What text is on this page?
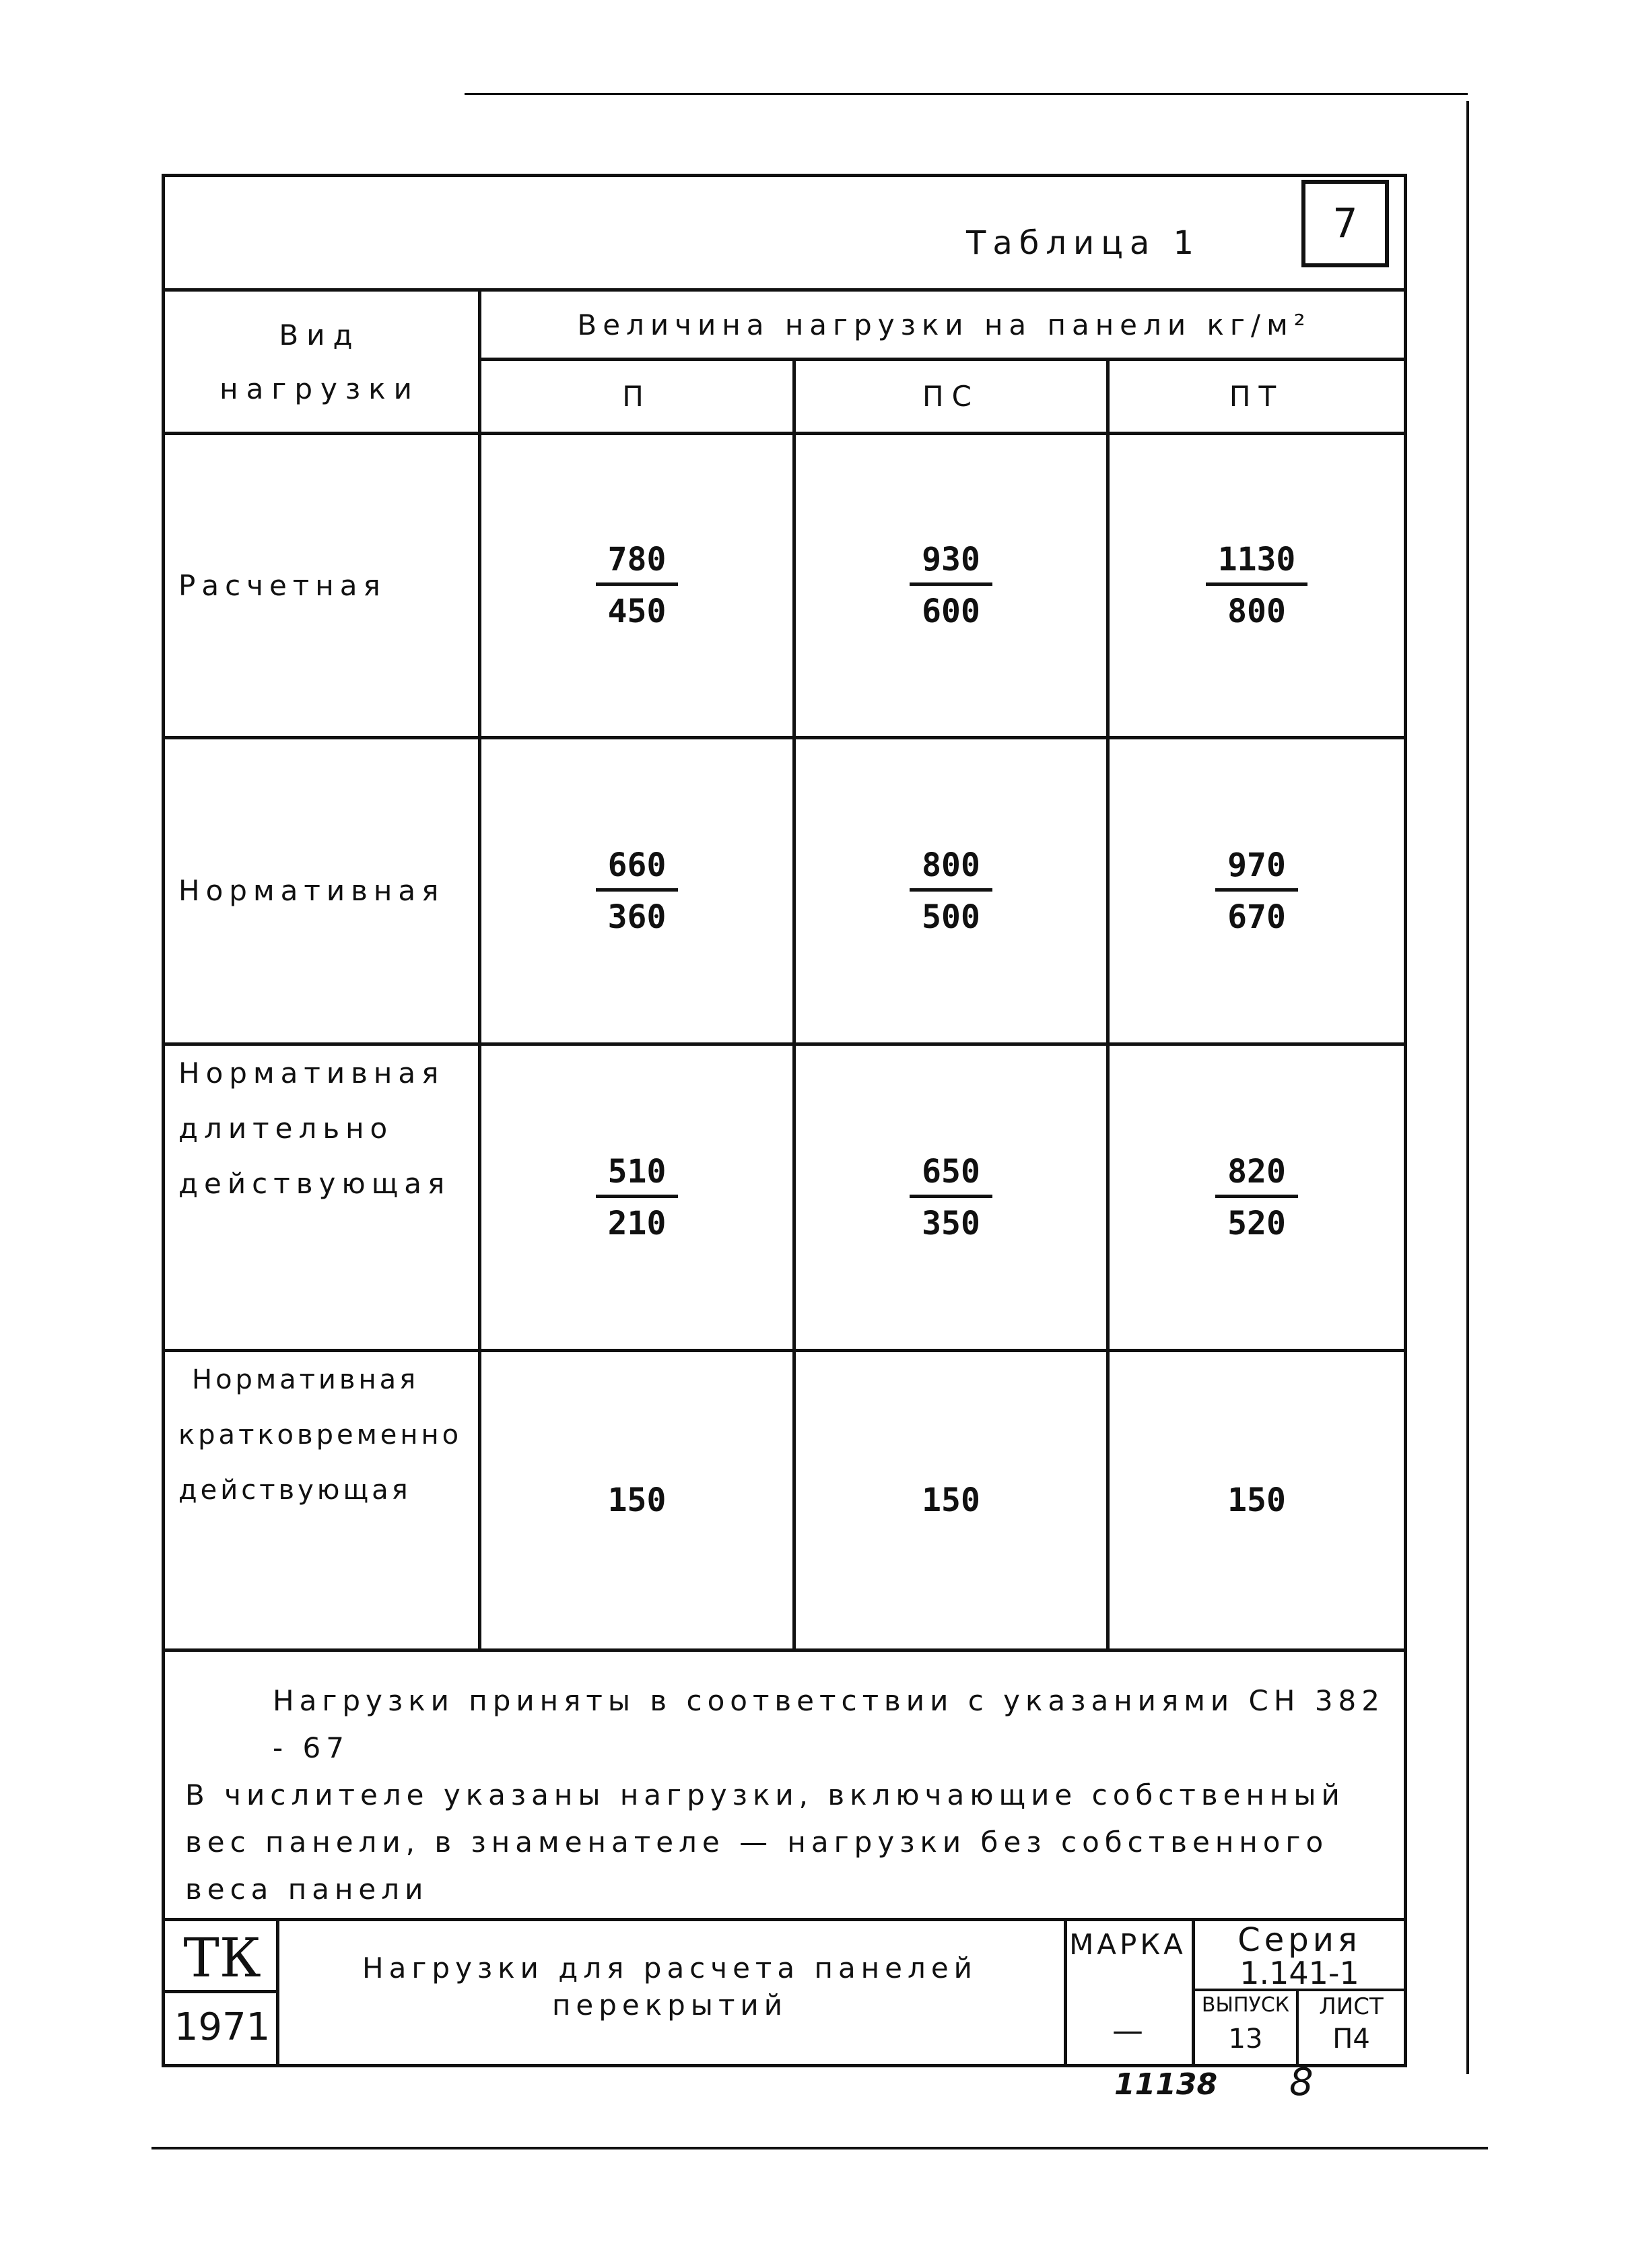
7
Таблица 1
Вид нагрузки
Величина нагрузки на панели кг/м²
П	ПС	ПТ
Расчетная	$\frac{780}{450}$	$\frac{930}{600}$	$\frac{1130}{800}$
Нормативная	$\frac{660}{360}$	$\frac{800}{500}$	$\frac{970}{670}$
Нормативная
длительно
действующая	$\frac{510}{210}$	$\frac{650}{350}$	$\frac{820}{520}$
Нормативная
кратковременно
действующая	150	150	150

Нагрузки приняты в соответствии с указаниями СН 382 - 67

В числителе указаны нагрузки, включающие собственный

вес панели, в знаменателе — нагрузки без собственного

веса панели

ТК
1971
Нагрузки для расчета панелей
перекрытий
МАРКА
—
Серия
1.141-1
ВЫПУСК
13
ЛИСТ
П4
11138 8
